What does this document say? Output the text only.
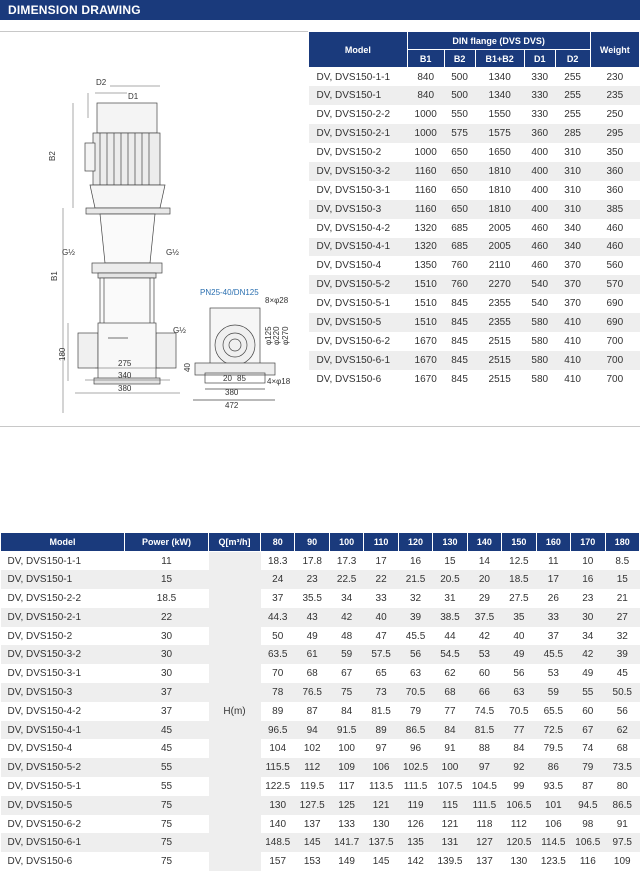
DIMENSION DRAWING
D2
D1
B2
B1
G½	G½
180
275
340
380
PN25-40/DN125
8×φ28
G½	φ125 φ220 φ270
40
20 85	4×φ18
380
472
Model	DIN flange (DVS DVS)					Weight
	B1	B2	B1+B2	D1	D2	
DV, DVS150-1-1	840	500	1340	330	255	230
DV, DVS150-1	840	500	1340	330	255	235
DV, DVS150-2-2	1000	550	1550	330	255	250
DV, DVS150-2-1	1000	575	1575	360	285	295
DV, DVS150-2	1000	650	1650	400	310	350
DV, DVS150-3-2	1160	650	1810	400	310	360
DV, DVS150-3-1	1160	650	1810	400	310	360
DV, DVS150-3	1160	650	1810	400	310	385
DV, DVS150-4-2	1320	685	2005	460	340	460
DV, DVS150-4-1	1320	685	2005	460	340	460
DV, DVS150-4	1350	760	2110	460	370	560
DV, DVS150-5-2	1510	760	2270	540	370	570
DV, DVS150-5-1	1510	845	2355	540	370	690
DV, DVS150-5	1510	845	2355	580	410	690
DV, DVS150-6-2	1670	845	2515	580	410	700
DV, DVS150-6-1	1670	845	2515	580	410	700
DV, DVS150-6	1670	845	2515	580	410	700
Model	Power (kW)	Q[m³/h]	80	90	100	110	120	130	140	150	160	170	180
DV, DVS150-1-1	11	H(m)	18.3	17.8	17.3	17	16	15	14	12.5	11	10	8.5
DV, DVS150-1	15		24	23	22.5	22	21.5	20.5	20	18.5	17	16	15
DV, DVS150-2-2	18.5		37	35.5	34	33	32	31	29	27.5	26	23	21
DV, DVS150-2-1	22		44.3	43	42	40	39	38.5	37.5	35	33	30	27
DV, DVS150-2	30		50	49	48	47	45.5	44	42	40	37	34	32
DV, DVS150-3-2	30		63.5	61	59	57.5	56	54.5	53	49	45.5	42	39
DV, DVS150-3-1	30		70	68	67	65	63	62	60	56	53	49	45
DV, DVS150-3	37		78	76.5	75	73	70.5	68	66	63	59	55	50.5
DV, DVS150-4-2	37		89	87	84	81.5	79	77	74.5	70.5	65.5	60	56
DV, DVS150-4-1	45		96.5	94	91.5	89	86.5	84	81.5	77	72.5	67	62
DV, DVS150-4	45		104	102	100	97	96	91	88	84	79.5	74	68
DV, DVS150-5-2	55		115.5	112	109	106	102.5	100	97	92	86	79	73.5
DV, DVS150-5-1	55		122.5	119.5	117	113.5	111.5	107.5	104.5	99	93.5	87	80
DV, DVS150-5	75		130	127.5	125	121	119	115	111.5	106.5	101	94.5	86.5
DV, DVS150-6-2	75		140	137	133	130	126	121	118	112	106	98	91
DV, DVS150-6-1	75		148.5	145	141.7	137.5	135	131	127	120.5	114.5	106.5	97.5
DV, DVS150-6	75		157	153	149	145	142	139.5	137	130	123.5	116	109
